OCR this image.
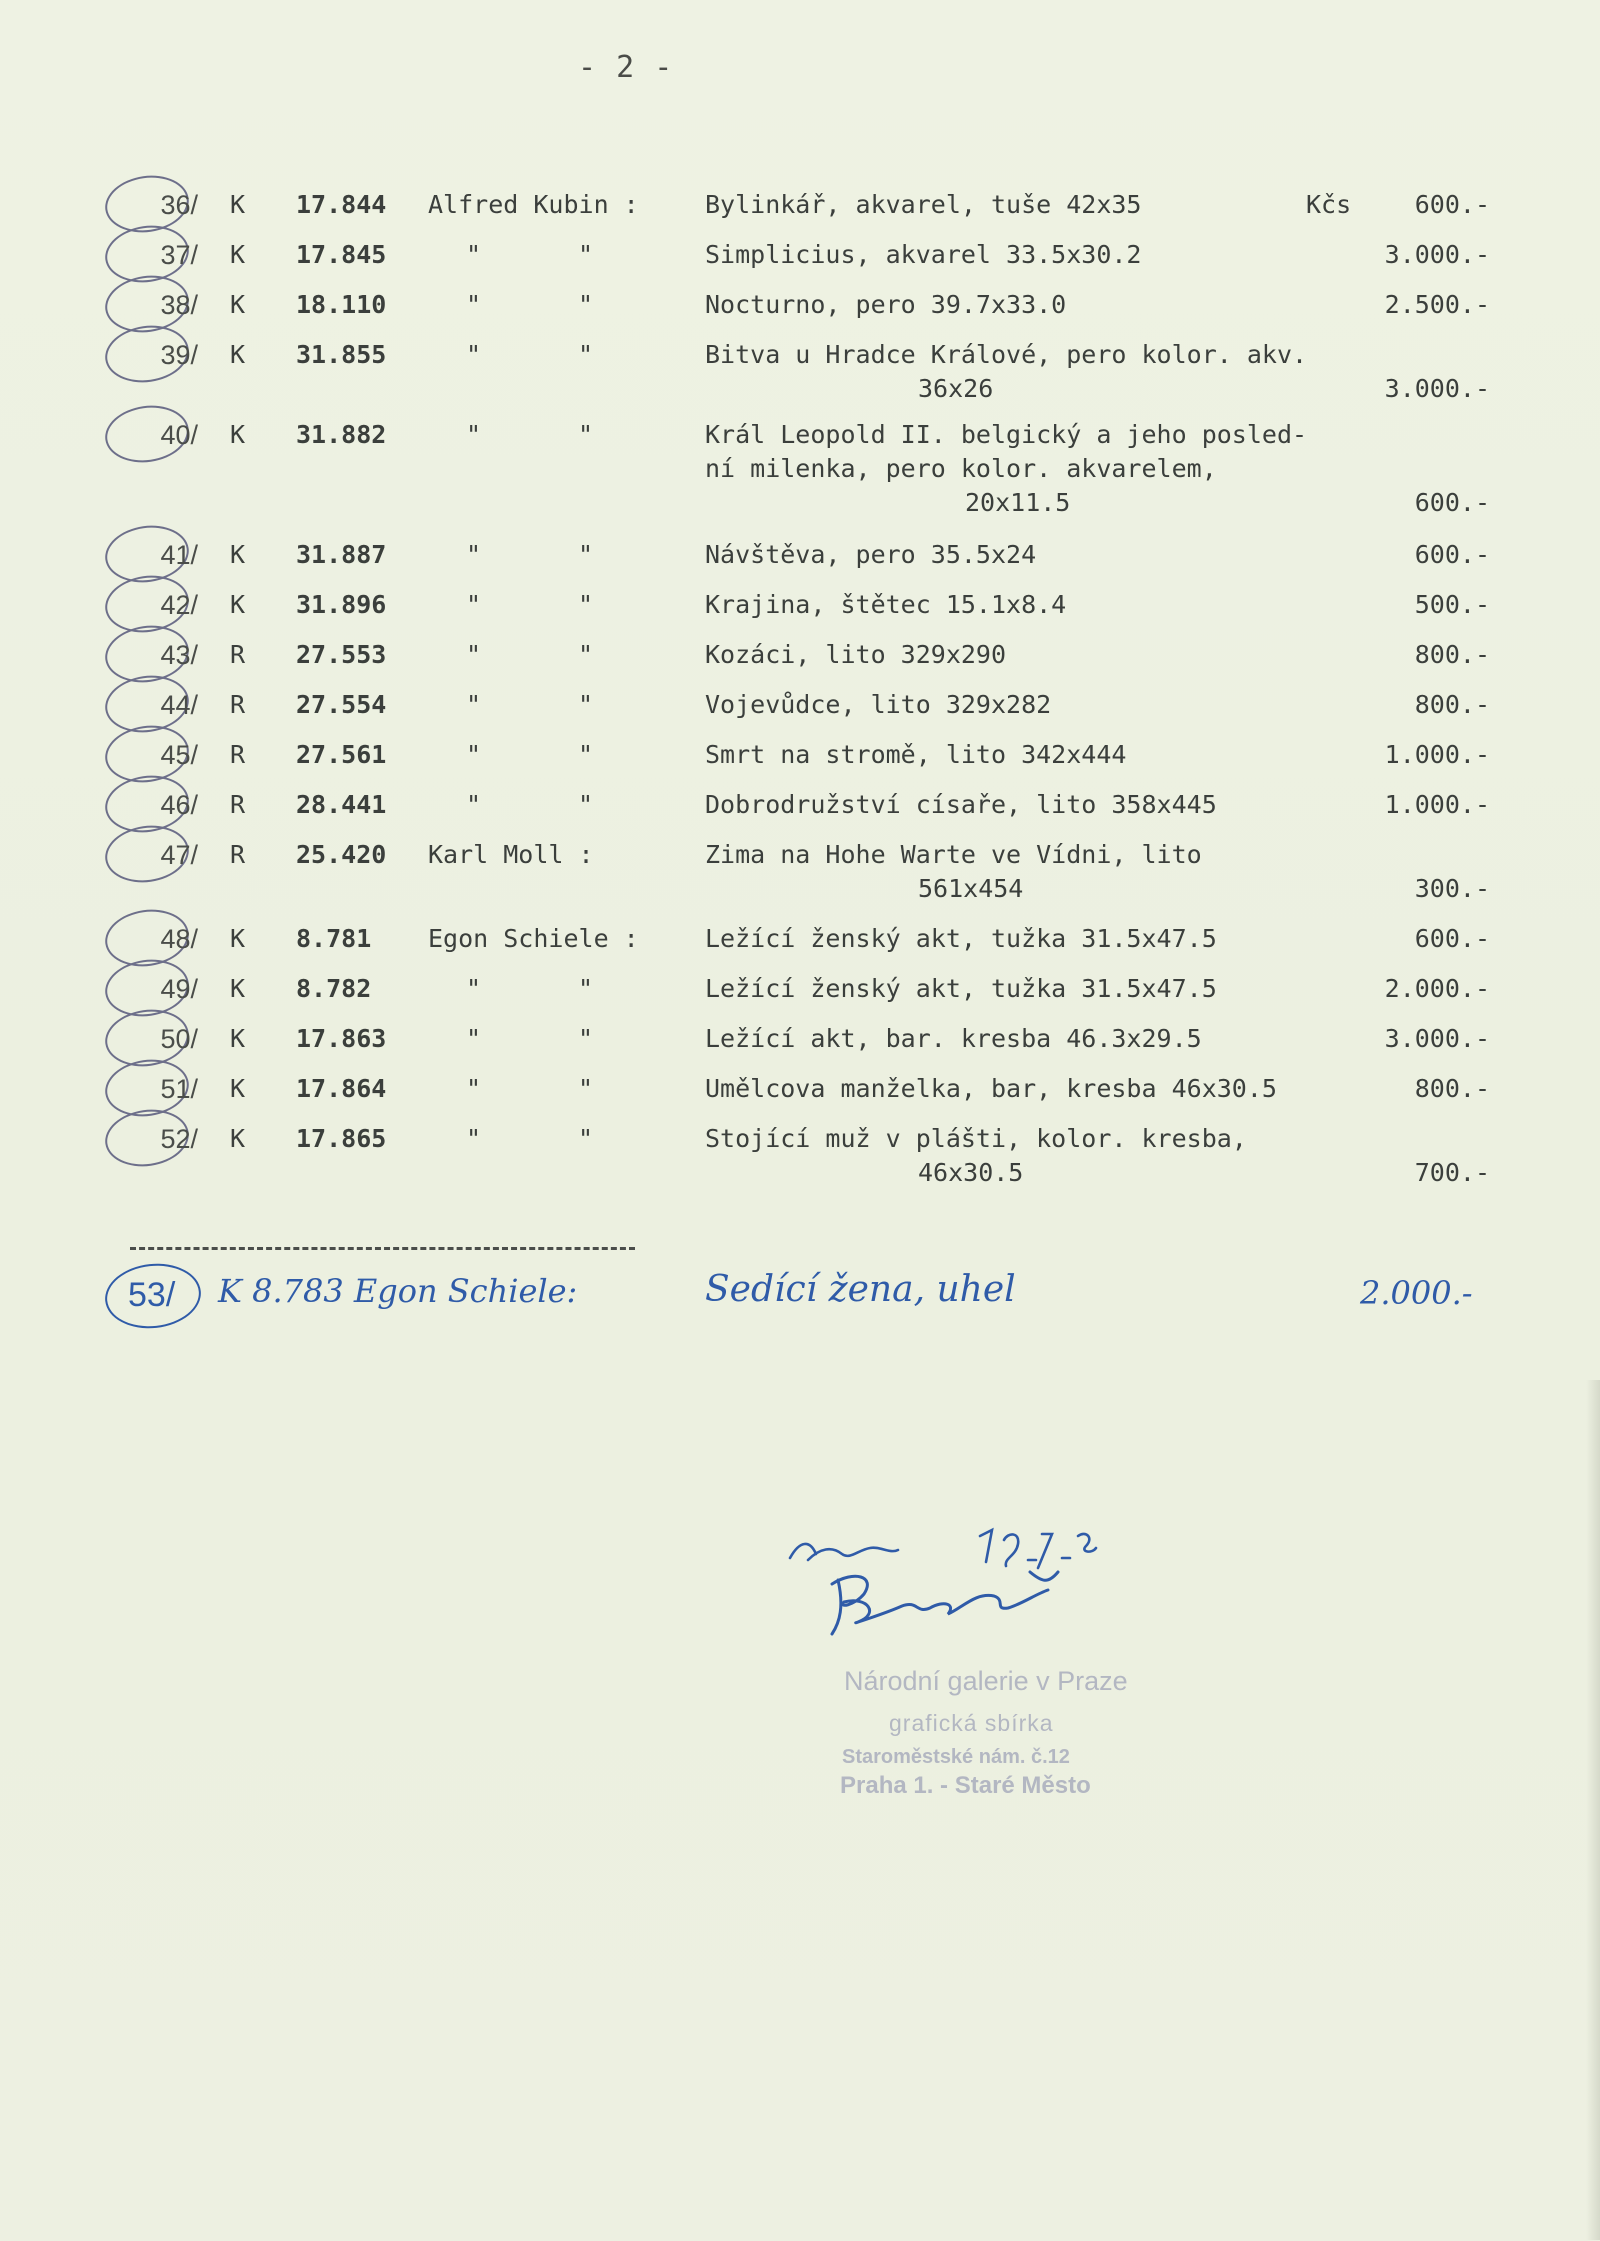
- 2 -
36/ K 17.844 Alfred Kubin :	Bylinkář, akvarel, tuše 42x35	Kčs	600.-
37/ K 17.845	"	"	Simplicius, akvarel 33.5x30.2	3.000.-
38/ K 18.110	"	"	Nocturno, pero 39.7x33.0	2.500.-
39/ K 31.855	"	"	Bitva u Hradce Králové, pero kolor. akv.
36x26	3.000.-
40/ K 31.882	"	"	Král Leopold II. belgický a jeho posled-
ní milenka, pero kolor. akvarelem,
20x11.5	600.-
41/ K 31.887	"	"	Návštěva, pero 35.5x24	600.-
42/ K 31.896	"	"	Krajina, štětec 15.1x8.4	500.-
43/ R 27.553	"	"	Kozáci, lito 329x290	800.-
44/ R 27.554	"	"	Vojevůdce, lito 329x282	800.-
45/ R 27.561	"	"	Smrt na stromě, lito 342x444	1.000.-
46/ R 28.441	"	"	Dobrodružství císaře, lito 358x445	1.000.-
47/ R 25.420 Karl Moll :	Zima na Hohe Warte ve Vídni, lito
561x454	300.-
48/ K 8.781 Egon Schiele :	Ležící ženský akt, tužka 31.5x47.5	600.-
49/ K 8.782	"	"	Ležící ženský akt, tužka 31.5x47.5	2.000.-
50/ K 17.863	"	"	Ležící akt, bar. kresba 46.3x29.5	3.000.-
51/ K 17.864	"	"	Umělcova manželka, bar, kresba 46x30.5	800.-
52/ K 17.865	"	"	Stojící muž v plášti, kolor. kresba,
46x30.5	700.-
53/ K 8.783 Egon Schiele:	Sedící žena, uhel	2.000.-
Národní galerie v Praze
grafická sbírka
Staroměstské nám. č.12
Praha 1. - Staré Město
